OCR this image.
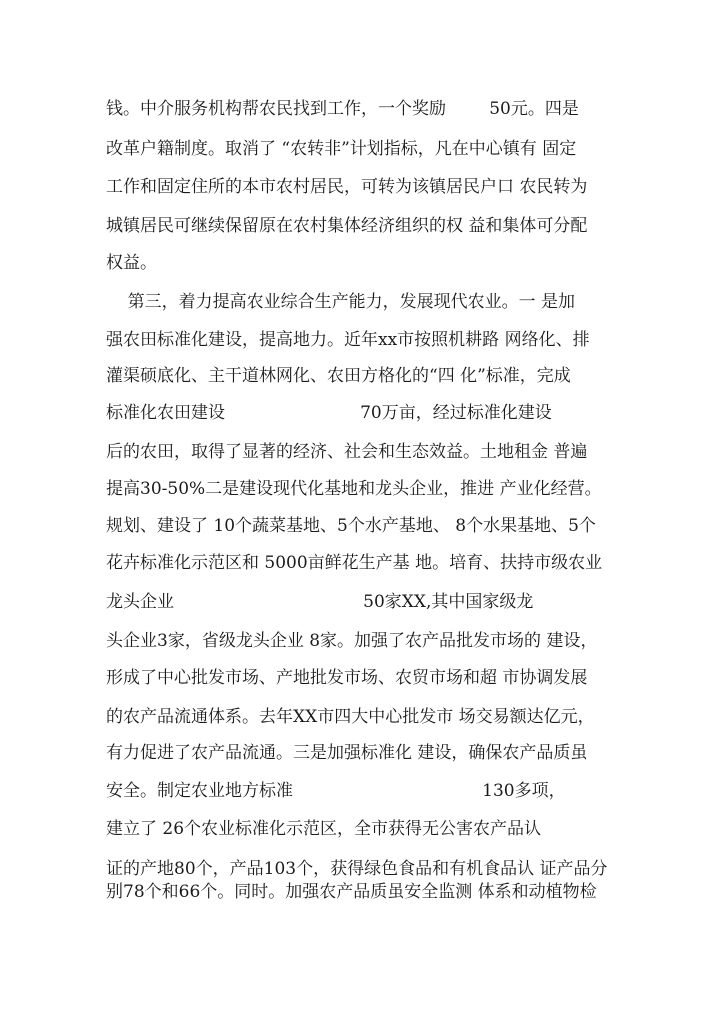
钱。中介服务机构帮农民找到工作，一个奖励        50元。四是

改革户籍制度。取消了 “农转非”计划指标，凡在中心镇有 固定

工作和固定住所的本市农村居民，可转为该镇居民户口 农民转为

城镇居民可继续保留原在农村集体经济组织的权 益和集体可分配

权益。

第三，着力提高农业综合生产能力，发展现代农业。一 是加

强农田标准化建设，提高地力。近年xx市按照机耕路 网络化、排

灌渠硕底化、主干道林网化、农田方格化的“四 化”标准，完成

标准化农田建设                         70万亩，经过标准化建设

后的农田，取得了显著的经济、社会和生态效益。土地租金 普遍

提高30-50%二是建设现代化基地和龙头企业，推进 产业化经营。

规划、建设了 10个蔬菜基地、5个水产基地、 8个水果基地、5个

花卉标准化示范区和 5000亩鲜花生产基 地。培育、扶持市级农业

龙头企业                                   50家XX,其中国家级龙

头企业3家，省级龙头企业 8家。加强了农产品批发市场的 建设，

形成了中心批发市场、产地批发市场、农贸市场和超 市协调发展

的农产品流通体系。去年XX市四大中心批发市 场交易额达亿元，

有力促进了农产品流通。三是加强标准化 建设，确保农产品质虽

安全。制定农业地方标准                                   130多项，

建立了 26个农业标准化示范区，全市获得无公害农产品认

证的产地80个，产品103个，获得绿色食品和有机食品认 证产品分

别78个和66个。同时。加强农产品质虽安全监测 体系和动植物检
